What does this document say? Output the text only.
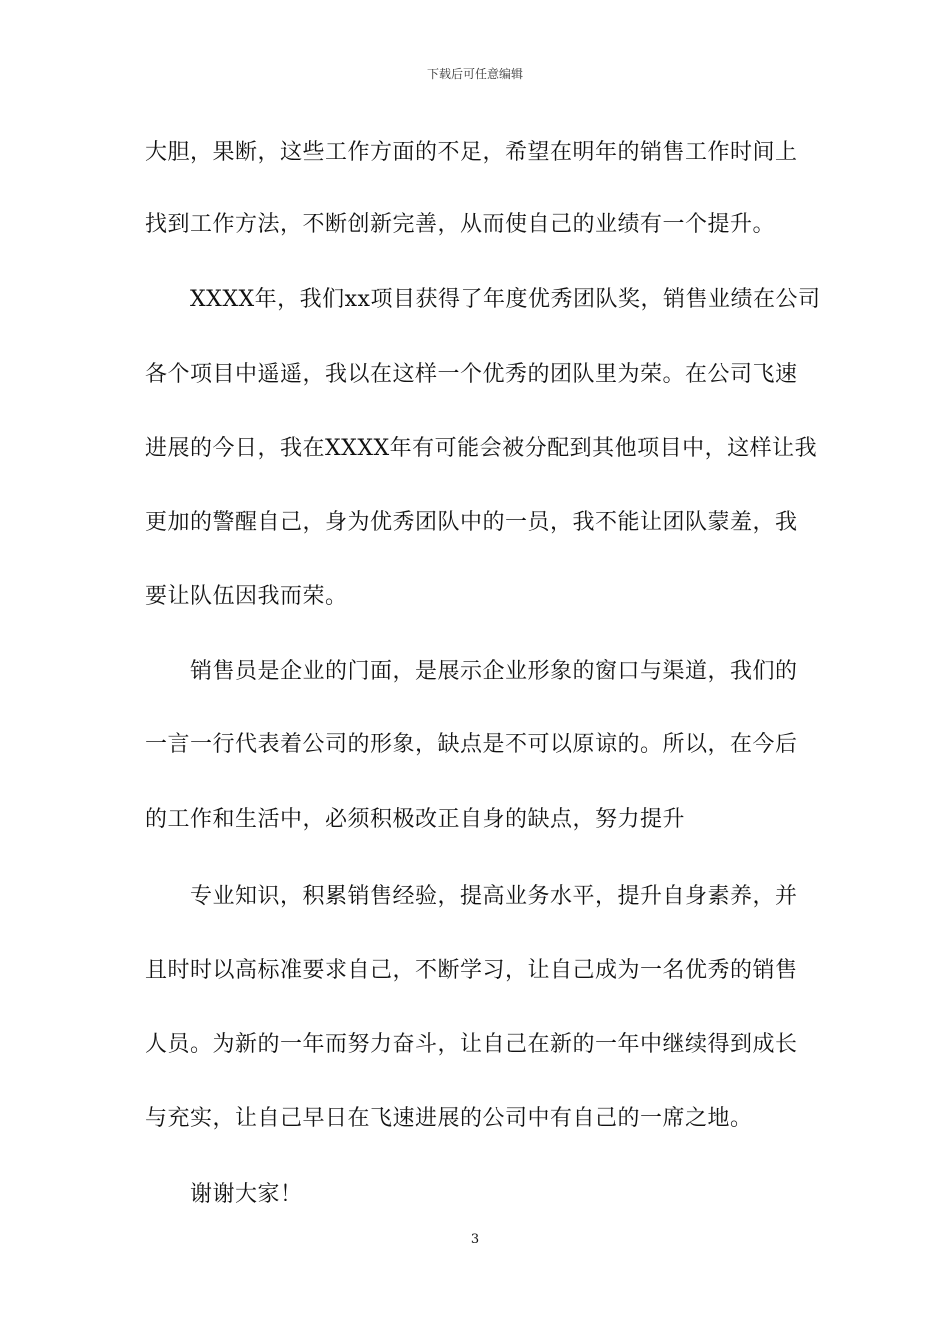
下载后可任意编辑
大胆，果断，这些工作方面的不足，希望在明年的销售工作时间上
找到工作方法，不断创新完善，从而使自己的业绩有一个提升。
XXXX年，我们xx项目获得了年度优秀团队奖，销售业绩在公司
各个项目中遥遥，我以在这样一个优秀的团队里为荣。在公司飞速
进展的今日，我在XXXX年有可能会被分配到其他项目中，这样让我
更加的警醒自己，身为优秀团队中的一员，我不能让团队蒙羞，我
要让队伍因我而荣。
销售员是企业的门面，是展示企业形象的窗口与渠道，我们的
一言一行代表着公司的形象，缺点是不可以原谅的。所以，在今后
的工作和生活中，必须积极改正自身的缺点，努力提升
专业知识，积累销售经验，提高业务水平，提升自身素养，并
且时时以高标准要求自己，不断学习，让自己成为一名优秀的销售
人员。为新的一年而努力奋斗，让自己在新的一年中继续得到成长
与充实，让自己早日在飞速进展的公司中有自己的一席之地。
谢谢大家！
3
